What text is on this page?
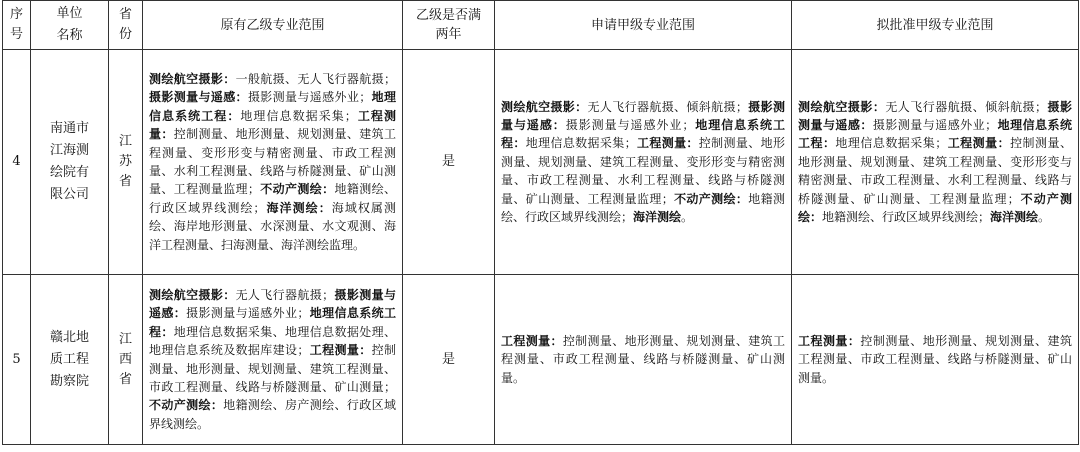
序号	单位名称	省份	原有乙级专业范围	乙级是否满两年	申请甲级专业范围	拟批准甲级专业范围
4	南通市江海测绘院有限公司	江苏省	测绘航空摄影：一般航摄、无人飞行器航摄；摄影测量与遥感：摄影测量与遥感外业；地理信息系统工程：地理信息数据采集；工程测量：控制测量、地形测量、规划测量、建筑工程测量、变形形变与精密测量、市政工程测量、水利工程测量、线路与桥隧测量、矿山测量、工程测量监理；不动产测绘：地籍测绘、行政区域界线测绘；海洋测绘：海域权属测绘、海岸地形测量、水深测量、水文观测、海洋工程测量、扫海测量、海洋测绘监理。	是	测绘航空摄影：无人飞行器航摄、倾斜航摄；摄影测量与遥感：摄影测量与遥感外业；地理信息系统工程：地理信息数据采集；工程测量：控制测量、地形测量、规划测量、建筑工程测量、变形形变与精密测量、市政工程测量、水利工程测量、线路与桥隧测量、矿山测量、工程测量监理；不动产测绘：地籍测绘、行政区域界线测绘；海洋测绘。	测绘航空摄影：无人飞行器航摄、倾斜航摄；摄影测量与遥感：摄影测量与遥感外业；地理信息系统工程：地理信息数据采集；工程测量：控制测量、地形测量、规划测量、建筑工程测量、变形形变与精密测量、市政工程测量、水利工程测量、线路与桥隧测量、矿山测量、工程测量监理；不动产测绘：地籍测绘、行政区域界线测绘；海洋测绘。
5	赣北地质工程勘察院	江西省	测绘航空摄影：无人飞行器航摄；摄影测量与遥感：摄影测量与遥感外业；地理信息系统工程：地理信息数据采集、地理信息数据处理、地理信息系统及数据库建设；工程测量：控制测量、地形测量、规划测量、建筑工程测量、市政工程测量、线路与桥隧测量、矿山测量；不动产测绘：地籍测绘、房产测绘、行政区域界线测绘。	是	工程测量：控制测量、地形测量、规划测量、建筑工程测量、市政工程测量、线路与桥隧测量、矿山测量。	工程测量：控制测量、地形测量、规划测量、建筑工程测量、市政工程测量、线路与桥隧测量、矿山测量。
